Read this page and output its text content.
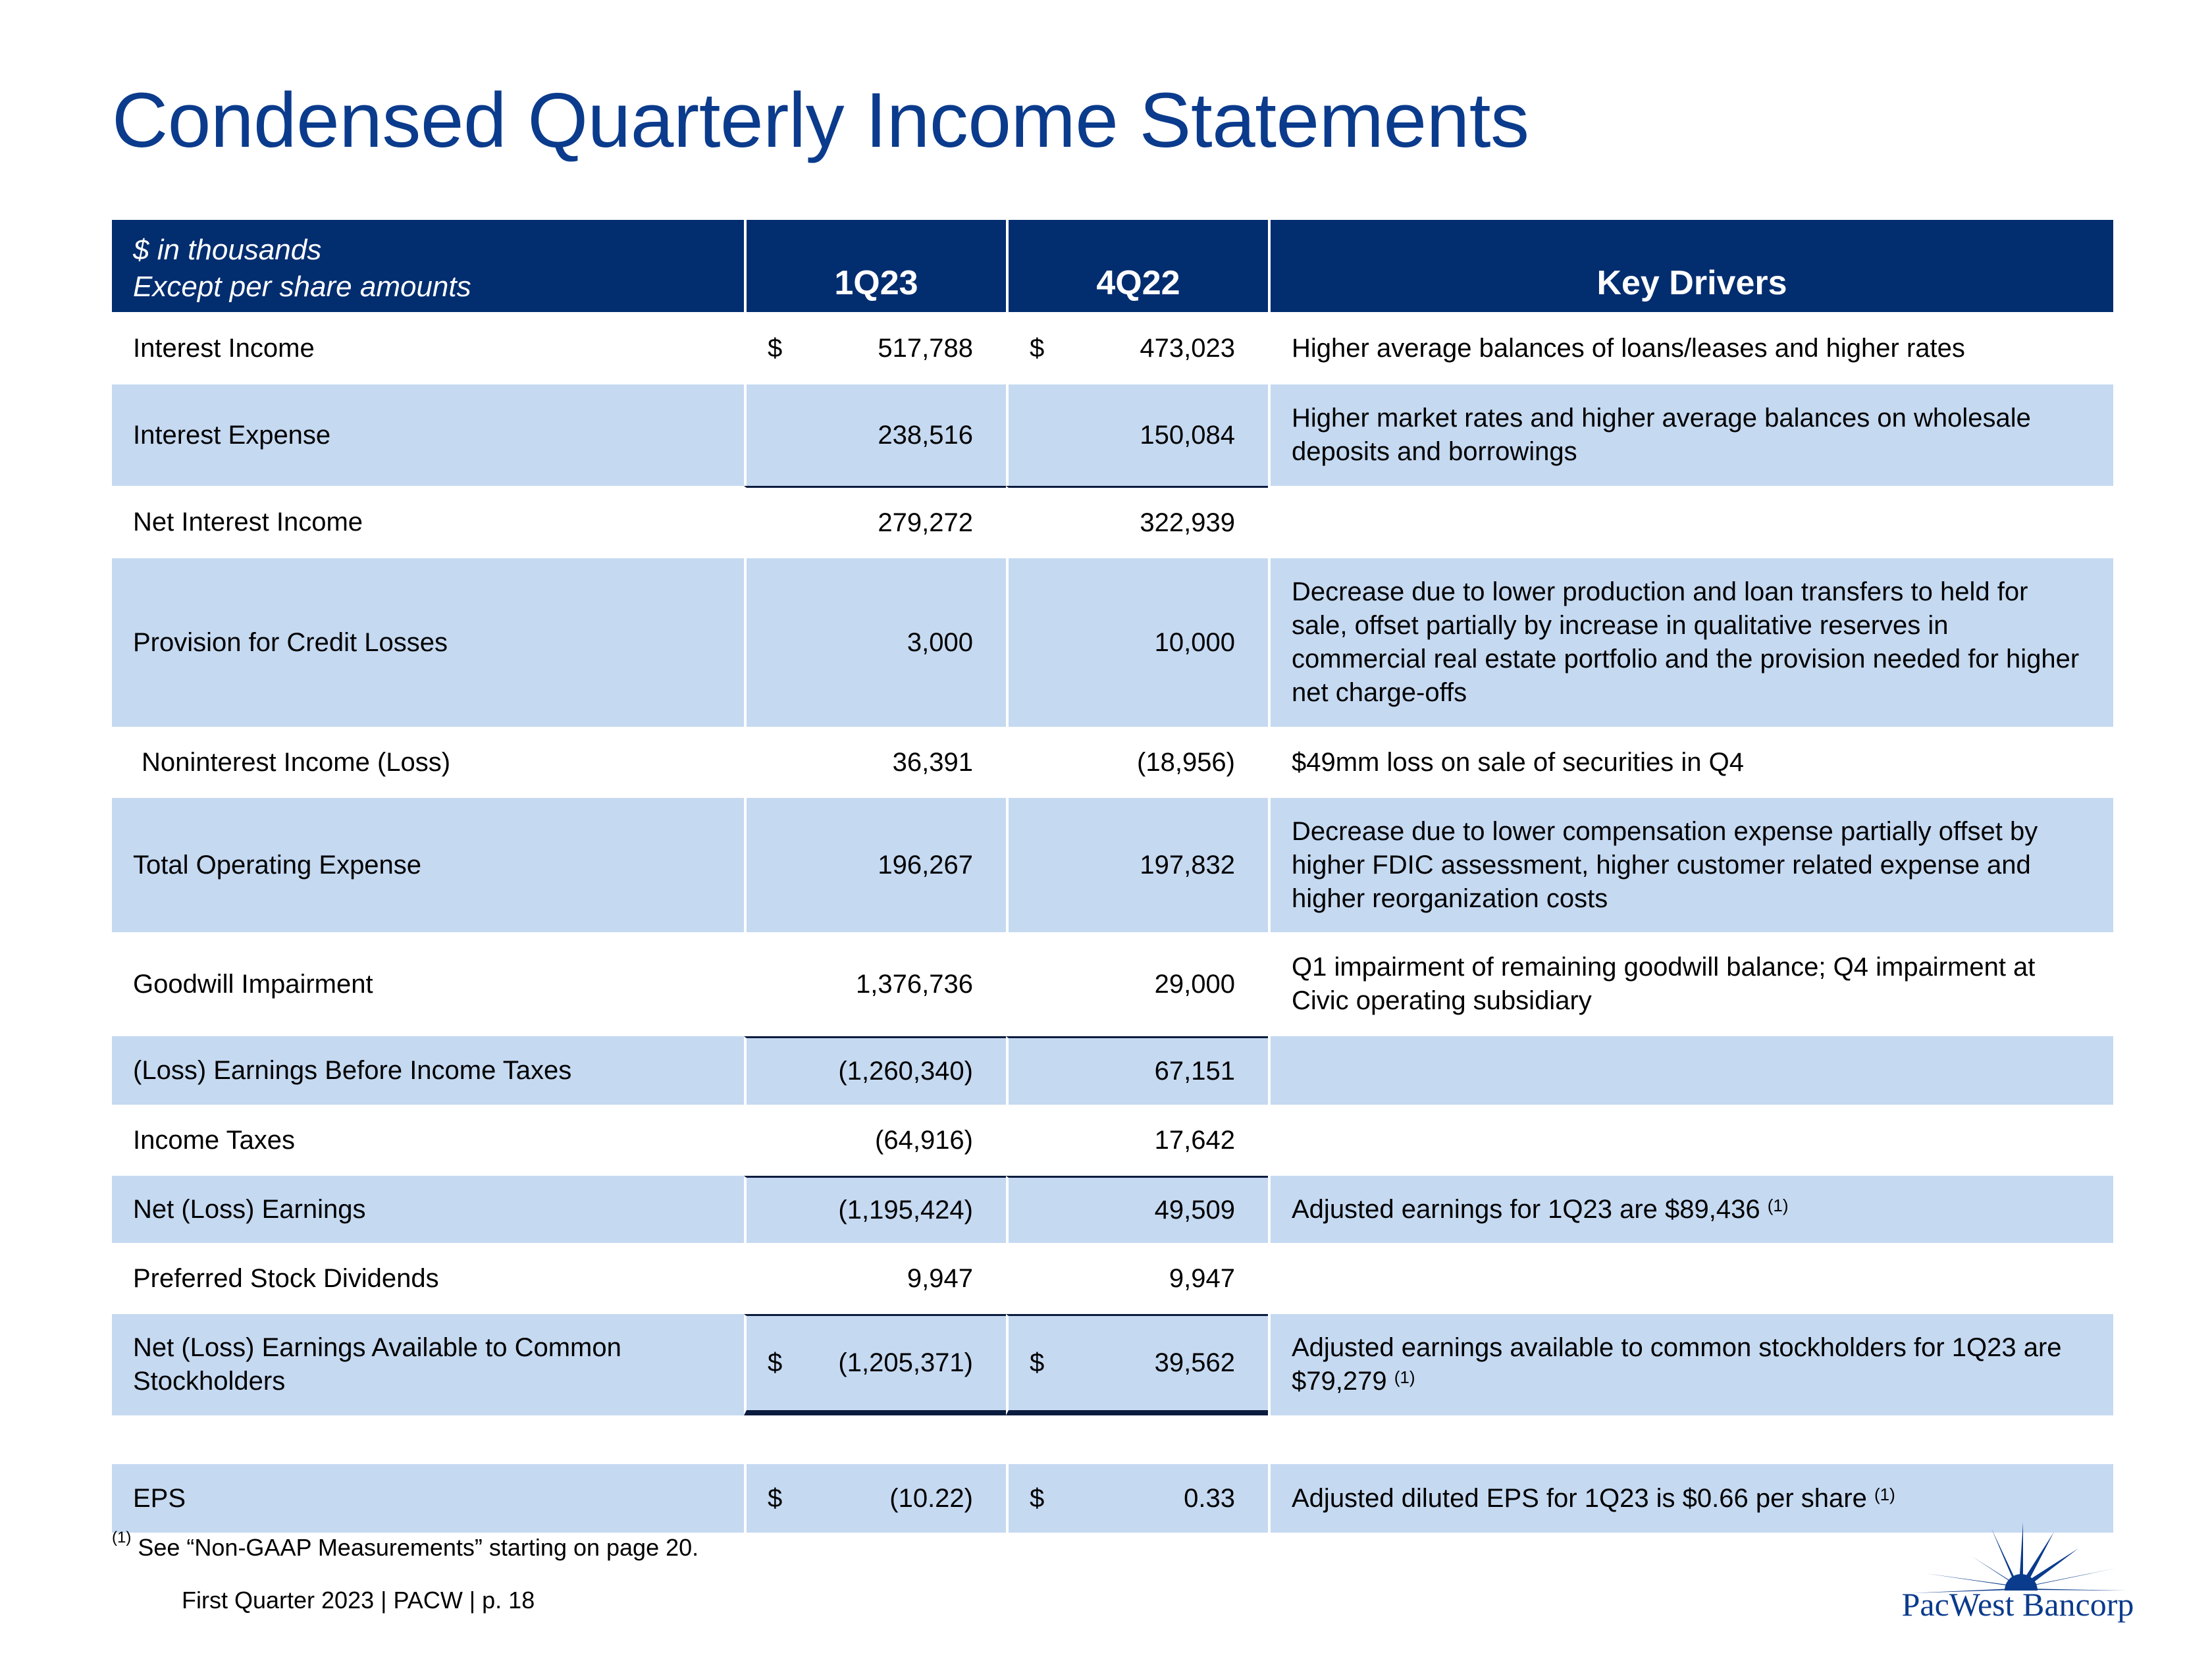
Condensed Quarterly Income Statements
$ in thousands
Except per share amounts	1Q23	4Q22	Key Drivers
Interest Income	$ 517,788	$ 473,023	Higher average balances of loans/leases and higher rates
Interest Expense	238,516	150,084	Higher market rates and higher average balances on wholesale deposits and borrowings
Net Interest Income	279,272	322,939	
Provision for Credit Losses	3,000	10,000	Decrease due to lower production and loan transfers to held for sale, offset partially by increase in qualitative reserves in commercial real estate portfolio and the provision needed for higher net charge-offs
Noninterest Income (Loss)	36,391	(18,956)	$49mm loss on sale of securities in Q4
Total Operating Expense	196,267	197,832	Decrease due to lower compensation expense partially offset by higher FDIC assessment, higher customer related expense and higher reorganization costs
Goodwill Impairment	1,376,736	29,000	Q1 impairment of remaining goodwill balance; Q4 impairment at Civic operating subsidiary
(Loss) Earnings Before Income Taxes	(1,260,340)	67,151	
Income Taxes	(64,916)	17,642	
Net (Loss) Earnings	(1,195,424)	49,509	Adjusted earnings for 1Q23 are $89,436 $^{(1)}$
Preferred Stock Dividends	9,947	9,947	
Net (Loss) Earnings Available to Common Stockholders	$ (1,205,371)	$ 39,562	Adjusted earnings available to common stockholders for 1Q23 are $79,279 $^{(1)}$

EPS	$ (10.22)	$ 0.33	Adjusted diluted EPS for 1Q23 is $0.66 per share $^{(1)}$

$^{(1)}$ See “Non-GAAP Measurements” starting on page 20.

First Quarter 2023 | PACW | p. 18	PacWest Bancorp
